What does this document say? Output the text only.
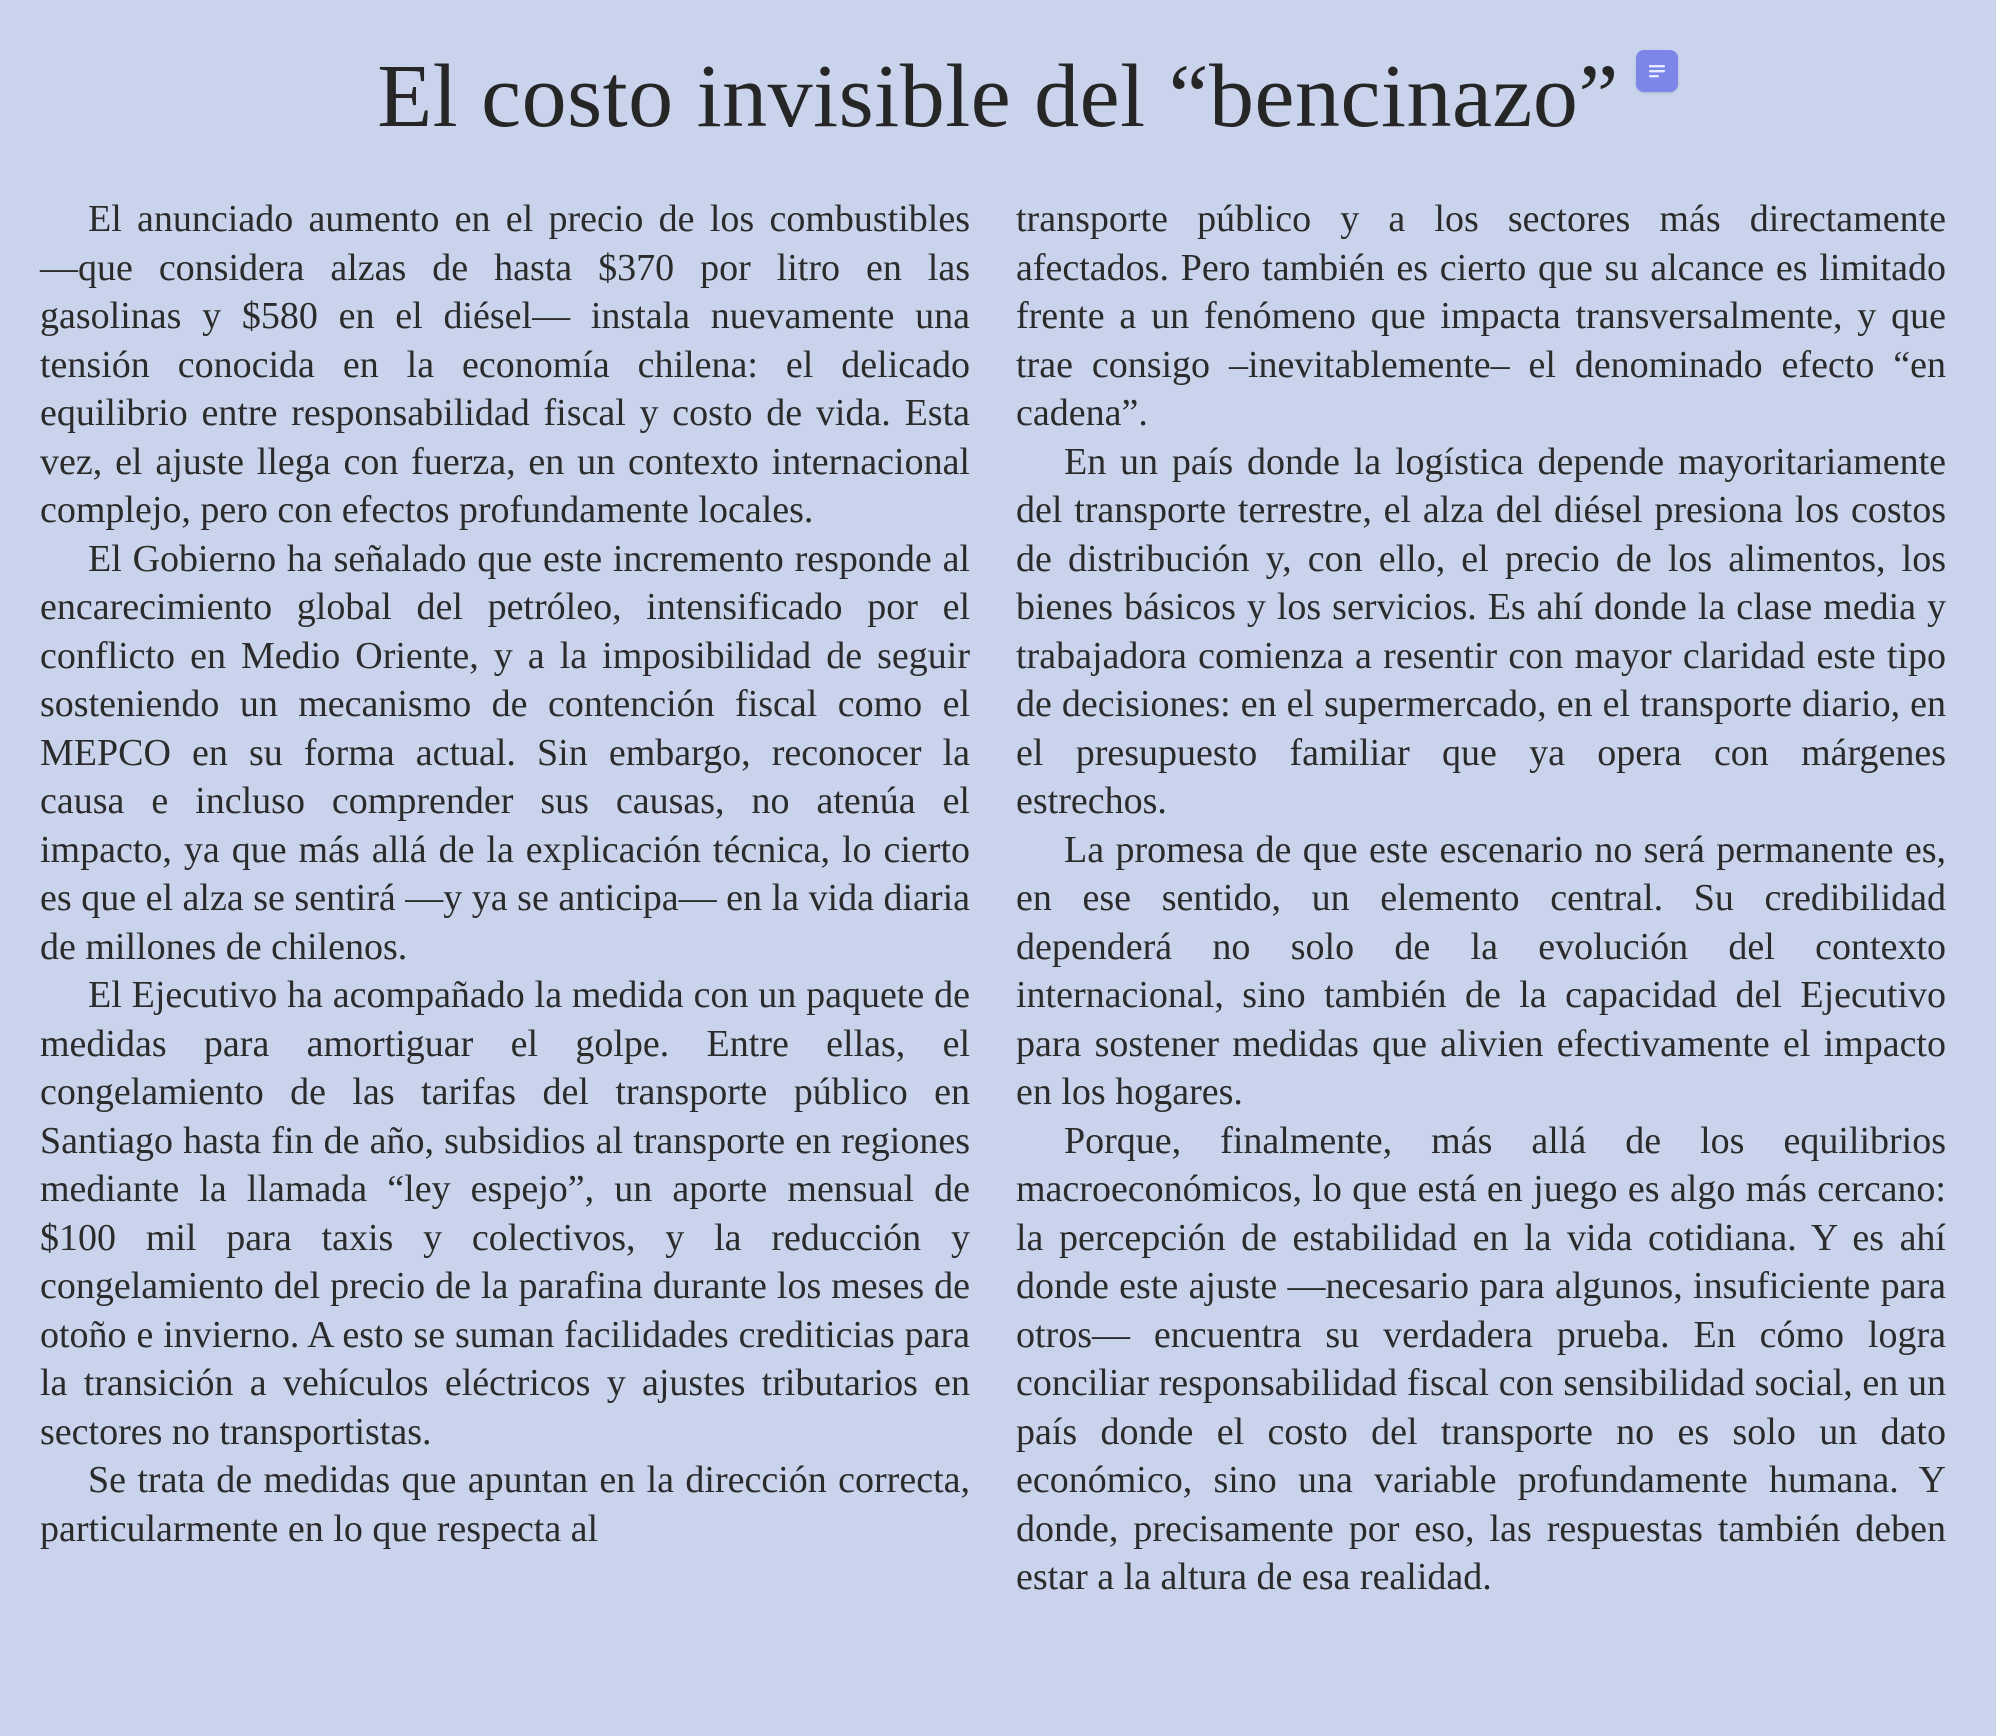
El costo invisible del “bencinazo”

El anunciado aumento en el precio de los combustibles —que considera alzas de hasta $370 por litro en las gasolinas y $580 en el diésel— instala nuevamente una tensión conocida en la economía chilena: el delicado equilibrio entre responsabilidad fiscal y costo de vida. Esta vez, el ajuste llega con fuerza, en un contexto internacional complejo, pero con efectos profundamente locales.

El Gobierno ha señalado que este incremento responde al encarecimiento global del petróleo, intensificado por el conflicto en Medio Oriente, y a la imposibilidad de seguir sosteniendo un mecanismo de contención fiscal como el MEPCO en su forma actual. Sin embargo, reconocer la causa e incluso comprender sus causas, no atenúa el impacto, ya que más allá de la explicación técnica, lo cierto es que el alza se sentirá —y ya se anticipa— en la vida diaria de millones de chilenos.

El Ejecutivo ha acompañado la medida con un paquete de medidas para amortiguar el golpe. Entre ellas, el congelamiento de las tarifas del transporte público en Santiago hasta fin de año, subsidios al transporte en regiones mediante la llamada “ley espejo”, un aporte mensual de $100 mil para taxis y colectivos, y la reducción y congelamiento del precio de la parafina durante los meses de otoño e invierno. A esto se suman facilidades crediticias para la transición a vehículos eléctricos y ajustes tributarios en sectores no transportistas.

Se trata de medidas que apuntan en la dirección correcta, particularmente en lo que respecta al

transporte público y a los sectores más directamente afectados. Pero también es cierto que su alcance es limitado frente a un fenómeno que impacta transversalmente, y que trae consigo –inevitablemente– el denominado efecto “en cadena”.

En un país donde la logística depende mayoritariamente del transporte terrestre, el alza del diésel presiona los costos de distribución y, con ello, el precio de los alimentos, los bienes básicos y los servicios. Es ahí donde la clase media y trabajadora comienza a resentir con mayor claridad este tipo de decisiones: en el supermercado, en el transporte diario, en el presupuesto familiar que ya opera con márgenes estrechos.

La promesa de que este escenario no será permanente es, en ese sentido, un elemento central. Su credibilidad dependerá no solo de la evolución del contexto internacional, sino también de la capacidad del Ejecutivo para sostener medidas que alivien efectivamente el impacto en los hogares.

Porque, finalmente, más allá de los equilibrios macroeconómicos, lo que está en juego es algo más cercano: la percepción de estabilidad en la vida cotidiana. Y es ahí donde este ajuste —necesario para algunos, insuficiente para otros— encuentra su verdadera prueba. En cómo logra conciliar responsabilidad fiscal con sensibilidad social, en un país donde el costo del transporte no es solo un dato económico, sino una variable profundamente humana. Y donde, precisamente por eso, las respuestas también deben estar a la altura de esa realidad.
